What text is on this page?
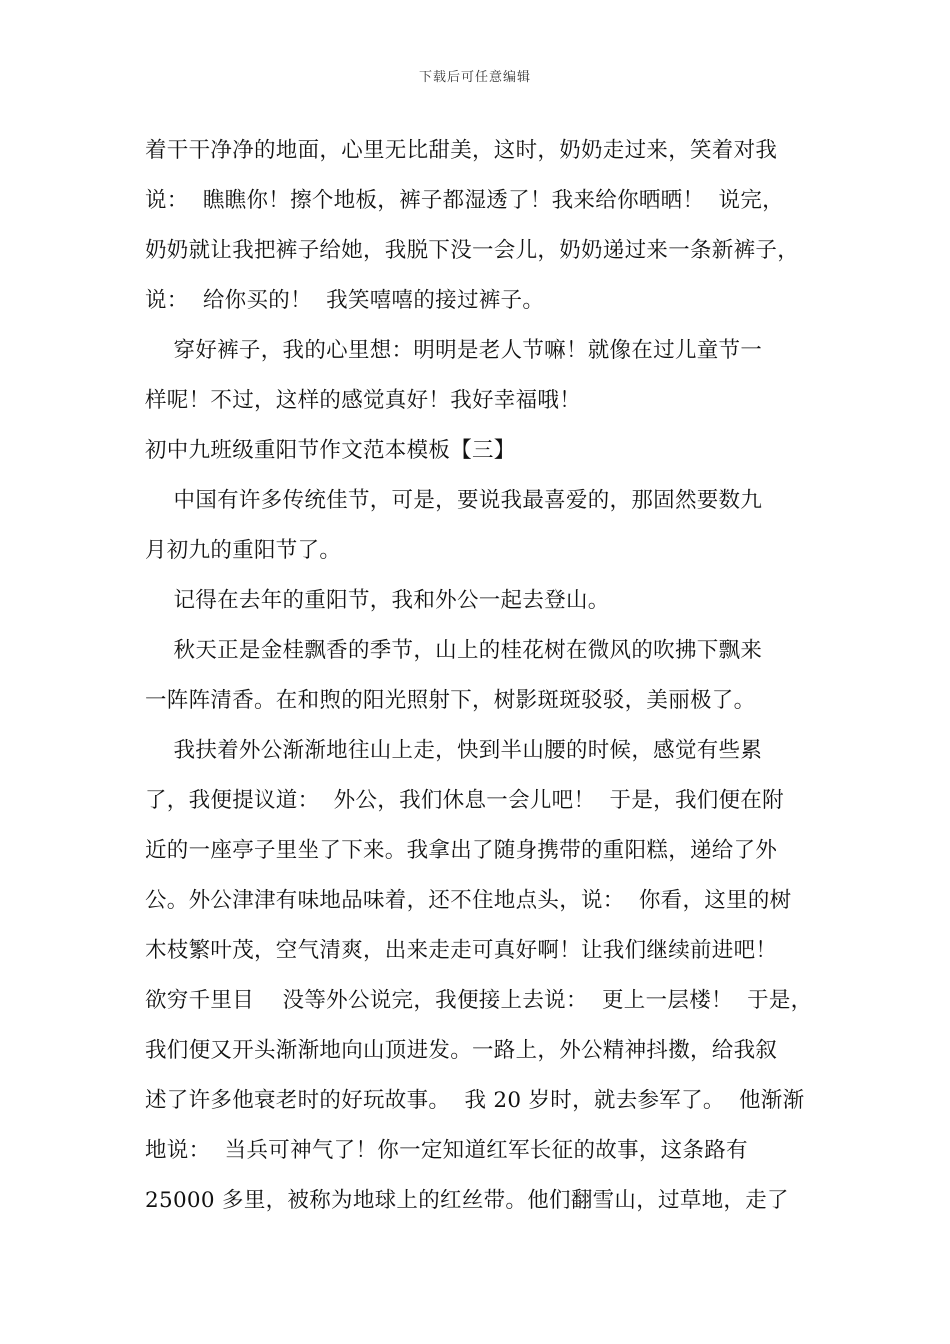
下载后可任意编辑
着干干净净的地面，心里无比甜美，这时，奶奶走过来，笑着对我
说：  瞧瞧你！擦个地板，裤子都湿透了！我来给你晒晒！  说完，
奶奶就让我把裤子给她，我脱下没一会儿，奶奶递过来一条新裤子，
说：  给你买的！  我笑嘻嘻的接过裤子。
穿好裤子，我的心里想：明明是老人节嘛！就像在过儿童节一
样呢！不过，这样的感觉真好！我好幸福哦！
初中九班级重阳节作文范本模板【三】
中国有许多传统佳节，可是，要说我最喜爱的，那固然要数九
月初九的重阳节了。
记得在去年的重阳节，我和外公一起去登山。
秋天正是金桂飘香的季节，山上的桂花树在微风的吹拂下飘来
一阵阵清香。在和煦的阳光照射下，树影斑斑驳驳，美丽极了。
我扶着外公渐渐地往山上走，快到半山腰的时候，感觉有些累
了，我便提议道：  外公，我们休息一会儿吧！  于是，我们便在附
近的一座亭子里坐了下来。我拿出了随身携带的重阳糕，递给了外
公。外公津津有味地品味着，还不住地点头，说：  你看，这里的树
木枝繁叶茂，空气清爽，出来走走可真好啊！让我们继续前进吧！
欲穷千里目    没等外公说完，我便接上去说：  更上一层楼！  于是，
我们便又开头渐渐地向山顶进发。一路上，外公精神抖擞，给我叙
述了许多他衰老时的好玩故事。  我 20 岁时，就去参军了。  他渐渐
地说：  当兵可神气了！你一定知道红军长征的故事，这条路有
25000 多里，被称为地球上的红丝带。他们翻雪山，过草地，走了
